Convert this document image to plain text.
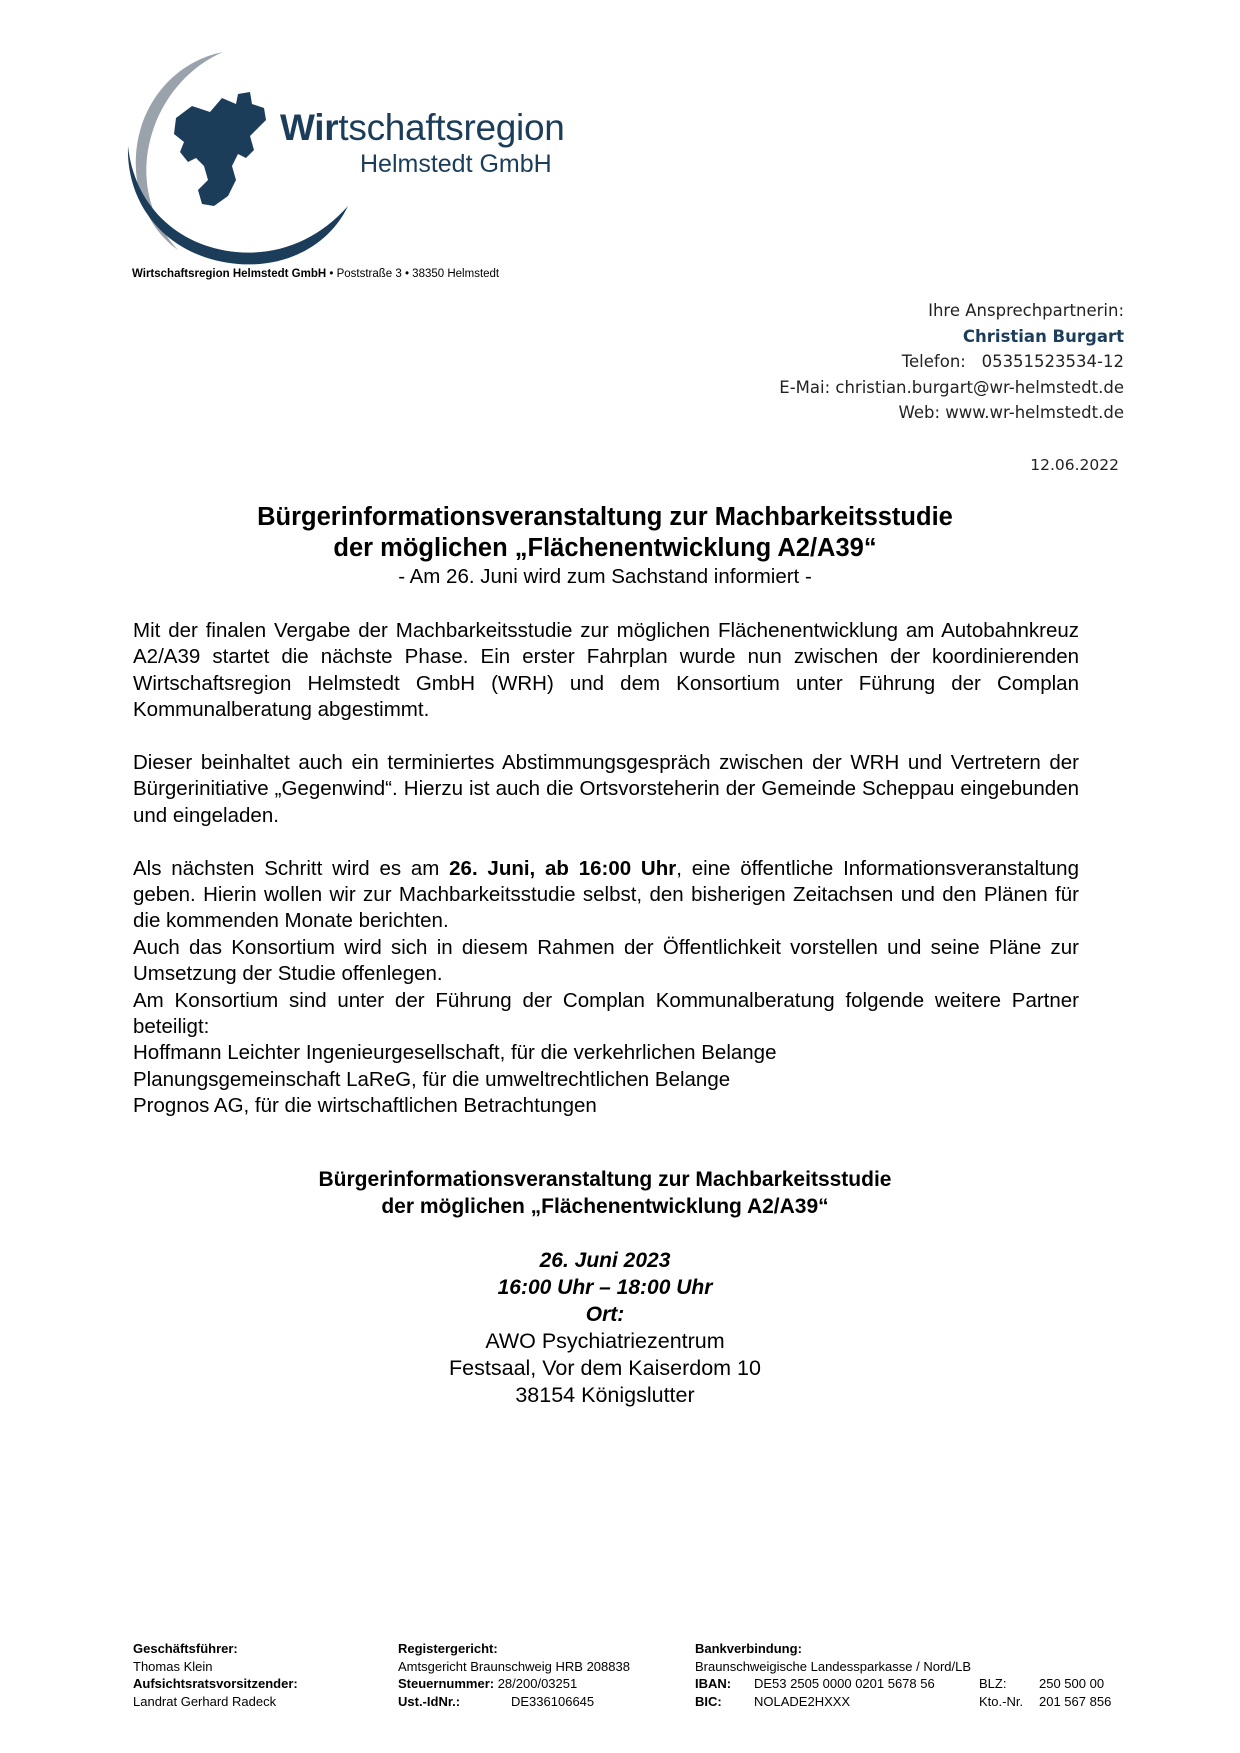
Wirtschaftsregion
Helmstedt GmbH
Wirtschaftsregion Helmstedt GmbH • Poststraße 3 • 38350 Helmstedt
Ihre Ansprechpartnerin:
Christian Burgart
Telefon:   05351523534-12
E-Mai: christian.burgart@wr-helmstedt.de
Web: www.wr-helmstedt.de
12.06.2022
Bürgerinformationsveranstaltung zur Machbarkeitsstudie
der möglichen „Flächenentwicklung A2/A39“
- Am 26. Juni wird zum Sachstand informiert -

Mit der finalen Vergabe der Machbarkeitsstudie zur möglichen Flächenentwicklung am Autobahnkreuz A2/A39 startet die nächste Phase. Ein erster Fahrplan wurde nun zwischen der koordinierenden Wirtschaftsregion Helmstedt GmbH (WRH) und dem Konsortium unter Führung der Complan Kommunalberatung abgestimmt.

Dieser beinhaltet auch ein terminiertes Abstimmungsgespräch zwischen der WRH und Vertretern der Bürgerinitiative „Gegenwind“. Hierzu ist auch die Ortsvorsteherin der Gemeinde Scheppau eingebunden und eingeladen.

Als nächsten Schritt wird es am 26. Juni, ab 16:00 Uhr, eine öffentliche Informationsveranstaltung geben. Hierin wollen wir zur Machbarkeitsstudie selbst, den bisherigen Zeitachsen und den Plänen für die kommenden Monate berichten.
Auch das Konsortium wird sich in diesem Rahmen der Öffentlichkeit vorstellen und seine Pläne zur Umsetzung der Studie offenlegen.
Am Konsortium sind unter der Führung der Complan Kommunalberatung folgende weitere Partner beteiligt:
Hoffmann Leichter Ingenieurgesellschaft, für die verkehrlichen Belange
Planungsgemeinschaft LaReG, für die umweltrechtlichen Belange
Prognos AG, für die wirtschaftlichen Betrachtungen
Bürgerinformationsveranstaltung zur Machbarkeitsstudie
der möglichen „Flächenentwicklung A2/A39“
26. Juni 2023
16:00 Uhr – 18:00 Uhr
Ort:
AWO Psychiatriezentrum
Festsaal, Vor dem Kaiserdom 10
38154 Königslutter
Geschäftsführer:
Thomas Klein
Aufsichtsratsvorsitzender:
Landrat Gerhard Radeck
Registergericht:
Amtsgericht Braunschweig HRB 208838
Steuernummer: 28/200/03251
Ust.-IdNr.:	DE336106645
Bankverbindung:
Braunschweigische Landessparkasse / Nord/LB
IBAN: DE53 2505 0000 0201 5678 56	BLZ:	250 500 00
BIC: NOLADE2HXXX	Kto.-Nr. 201 567 856
